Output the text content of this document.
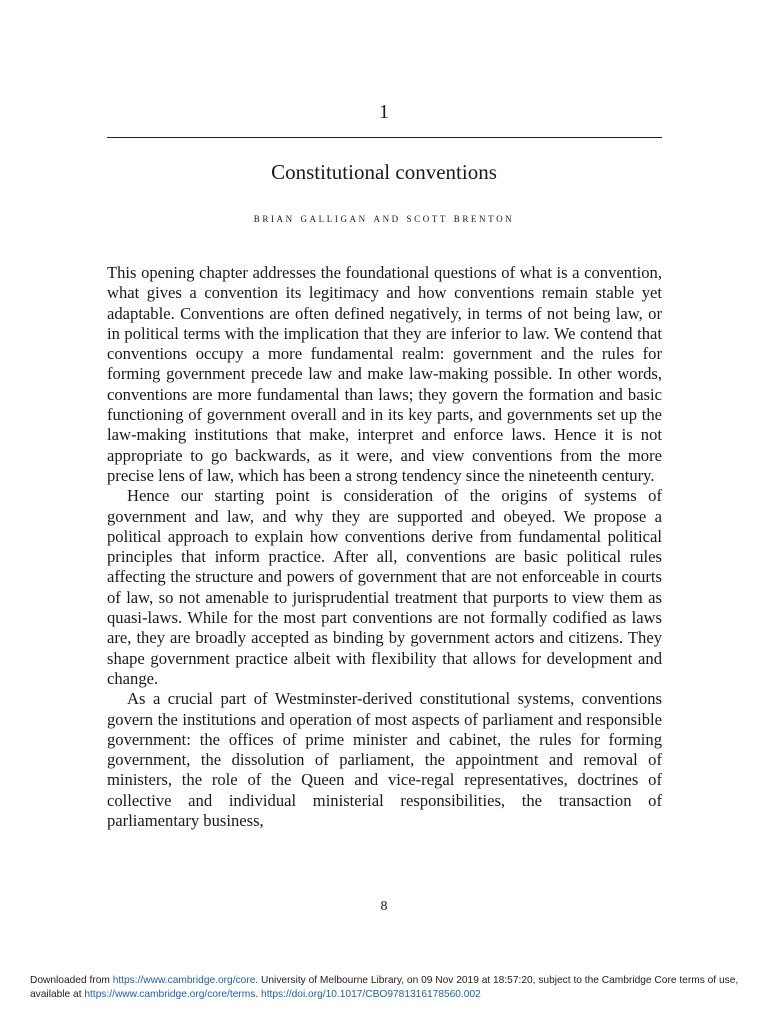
1
Constitutional conventions
brian galligan and scott brenton

This opening chapter addresses the foundational questions of what is a convention, what gives a convention its legitimacy and how conventions remain stable yet adaptable. Conventions are often defined negatively, in terms of not being law, or in political terms with the implication that they are inferior to law. We contend that conventions occupy a more fundamental realm: government and the rules for forming government precede law and make law-making possible. In other words, conventions are more fundamental than laws; they govern the formation and basic functioning of government overall and in its key parts, and governments set up the law-making institutions that make, interpret and enforce laws. Hence it is not appropriate to go backwards, as it were, and view conventions from the more precise lens of law, which has been a strong tendency since the nineteenth century.

Hence our starting point is consideration of the origins of systems of government and law, and why they are supported and obeyed. We propose a political approach to explain how conventions derive from fundamental political principles that inform practice. After all, conventions are basic political rules affecting the structure and powers of government that are not enforceable in courts of law, so not amenable to jurisprudential treatment that purports to view them as quasi-laws. While for the most part conventions are not formally codified as laws are, they are broadly accepted as binding by government actors and citizens. They shape government practice albeit with flexibility that allows for development and change.

As a crucial part of Westminster-derived constitutional systems, conventions govern the institutions and operation of most aspects of parliament and responsible government: the offices of prime minister and cabinet, the rules for forming government, the dissolution of parliament, the appointment and removal of ministers, the role of the Queen and vice-regal representatives, doctrines of collective and individual ministerial responsibilities, the transaction of parliamentary business,

8
Downloaded from https://www.cambridge.org/core. University of Melbourne Library, on 09 Nov 2019 at 18:57:20, subject to the Cambridge Core terms of use, available at https://www.cambridge.org/core/terms. https://doi.org/10.1017/CBO9781316178560.002
